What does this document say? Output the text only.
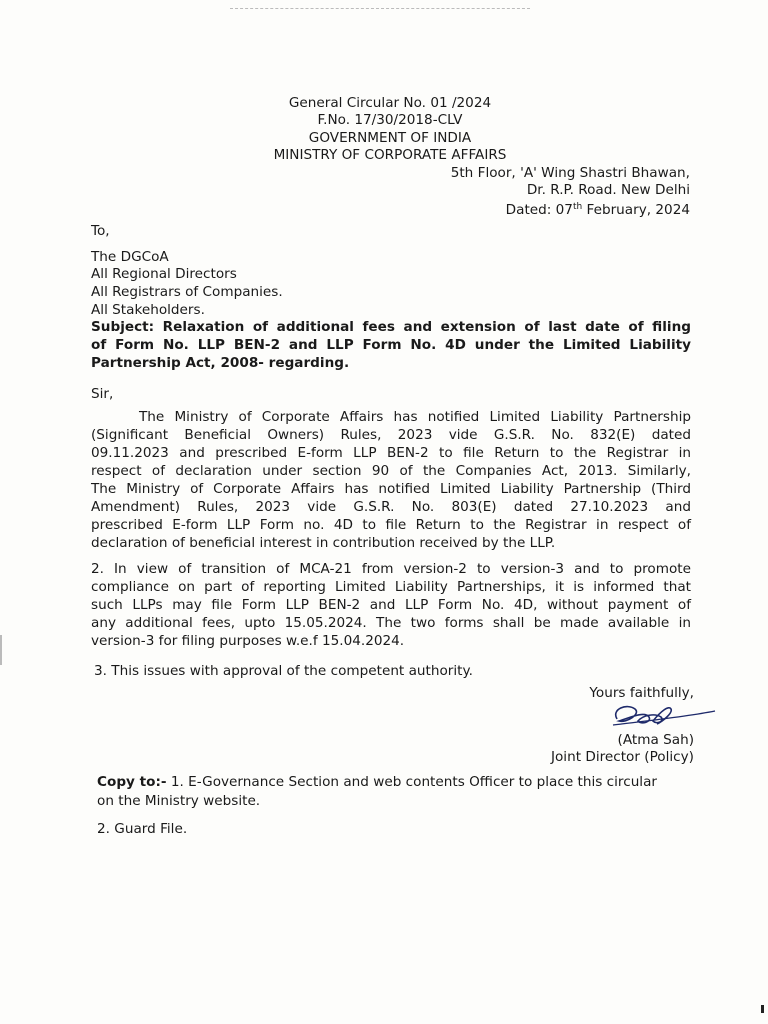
General Circular No. 01 /2024
F.No. 17/30/2018-CLV
GOVERNMENT OF INDIA
MINISTRY OF CORPORATE AFFAIRS
5th Floor, 'A' Wing Shastri Bhawan,
Dr. R.P. Road. New Delhi
Dated: 07th February, 2024
To,
The DGCoA
All Regional Directors
All Registrars of Companies.
All Stakeholders.
Subject: Relaxation of additional fees and extension of last date of filing
of Form No. LLP BEN-2 and LLP Form No. 4D under the Limited Liability
Partnership Act, 2008- regarding.
Sir,
The Ministry of Corporate Affairs has notified Limited Liability Partnership
(Significant Beneficial Owners) Rules, 2023 vide G.S.R. No. 832(E) dated
09.11.2023 and prescribed E-form LLP BEN-2 to file Return to the Registrar in
respect of declaration under section 90 of the Companies Act, 2013. Similarly,
The Ministry of Corporate Affairs has notified Limited Liability Partnership (Third
Amendment) Rules, 2023 vide G.S.R. No. 803(E) dated 27.10.2023 and
prescribed E-form LLP Form no. 4D to file Return to the Registrar in respect of
declaration of beneficial interest in contribution received by the LLP.
2. In view of transition of MCA-21 from version-2 to version-3 and to promote
compliance on part of reporting Limited Liability Partnerships, it is informed that
such LLPs may file Form LLP BEN-2 and LLP Form No. 4D, without payment of
any additional fees, upto 15.05.2024. The two forms shall be made available in
version-3 for filing purposes w.e.f 15.04.2024.
3. This issues with approval of the competent authority.
Yours faithfully,
(Atma Sah)
Joint Director (Policy)
Copy to:- 1. E-Governance Section and web contents Officer to place this circular
on the Ministry website.
2. Guard File.
